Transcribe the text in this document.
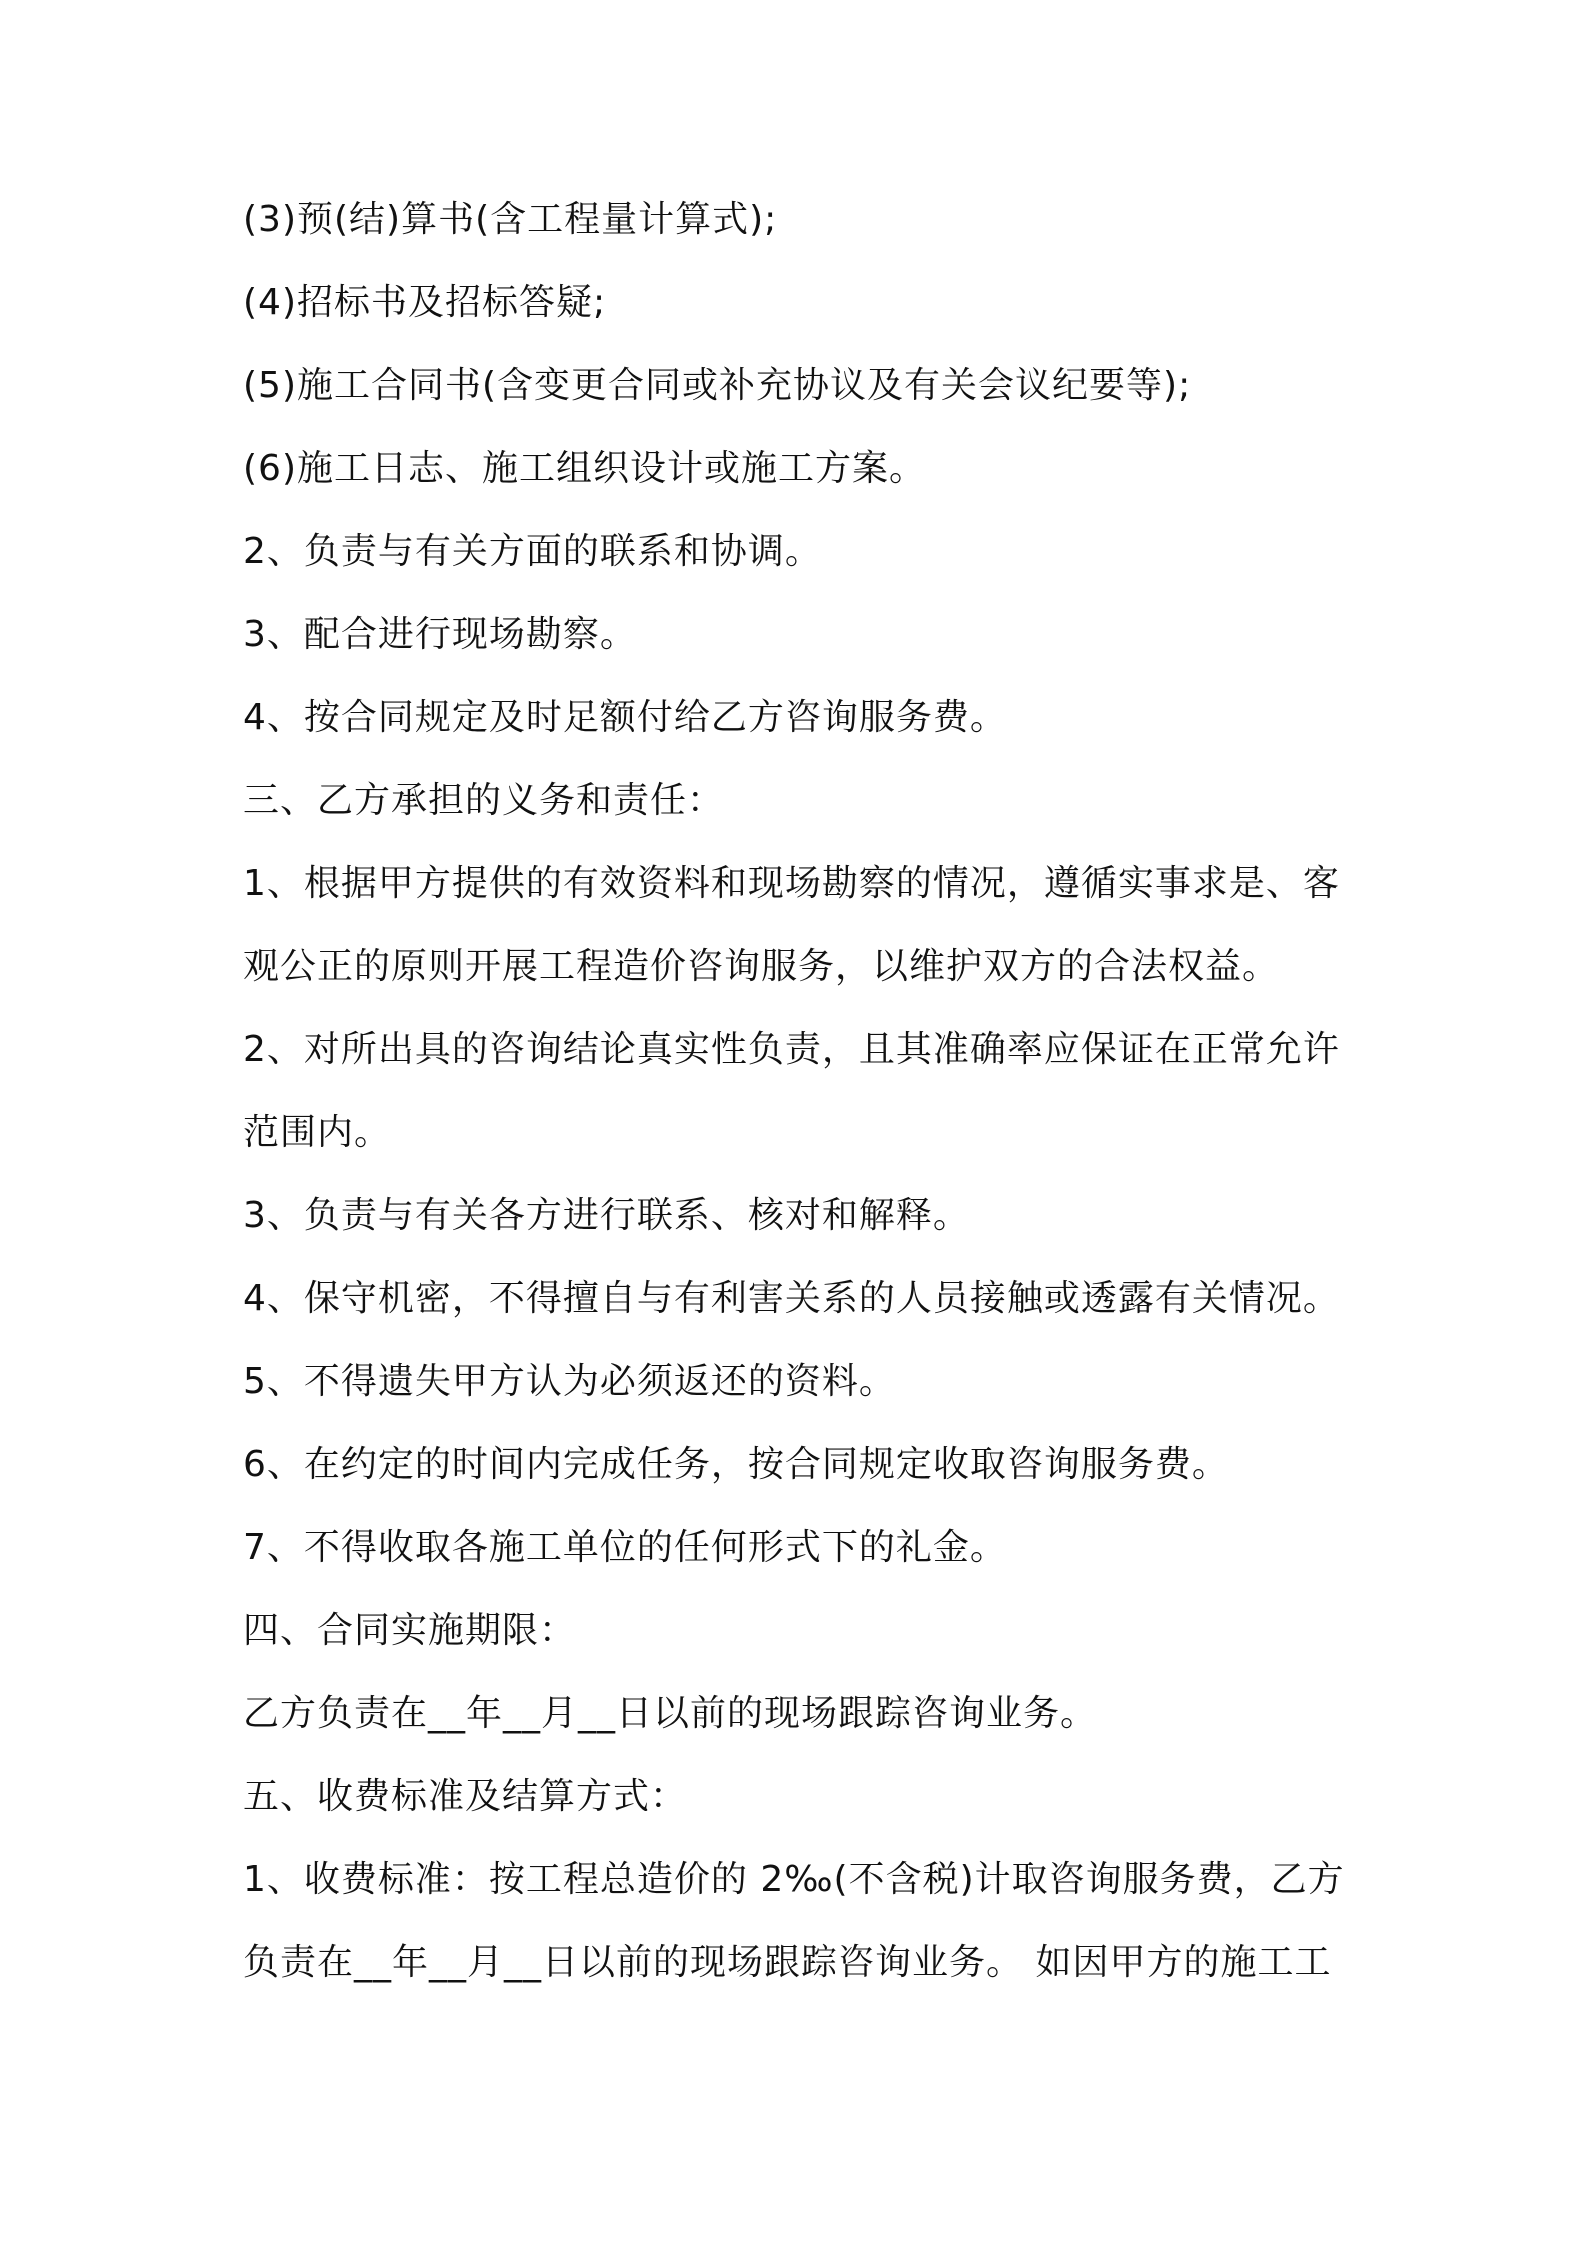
(3)预(结)算书(含工程量计算式);
(4)招标书及招标答疑;
(5)施工合同书(含变更合同或补充协议及有关会议纪要等);
(6)施工日志、施工组织设计或施工方案。
2、负责与有关方面的联系和协调。
3、配合进行现场勘察。
4、按合同规定及时足额付给乙方咨询服务费。
三、乙方承担的义务和责任：
1、根据甲方提供的有效资料和现场勘察的情况，遵循实事求是、客
观公正的原则开展工程造价咨询服务，以维护双方的合法权益。
2、对所出具的咨询结论真实性负责，且其准确率应保证在正常允许
范围内。
3、负责与有关各方进行联系、核对和解释。
4、保守机密，不得擅自与有利害关系的人员接触或透露有关情况。
5、不得遗失甲方认为必须返还的资料。
6、在约定的时间内完成任务，按合同规定收取咨询服务费。
7、不得收取各施工单位的任何形式下的礼金。
四、合同实施期限：
乙方负责在__年__月__日以前的现场跟踪咨询业务。
五、收费标准及结算方式：
1、收费标准：按工程总造价的 2‰(不含税)计取咨询服务费，乙方
负责在__年__月__日以前的现场跟踪咨询业务。 如因甲方的施工工
